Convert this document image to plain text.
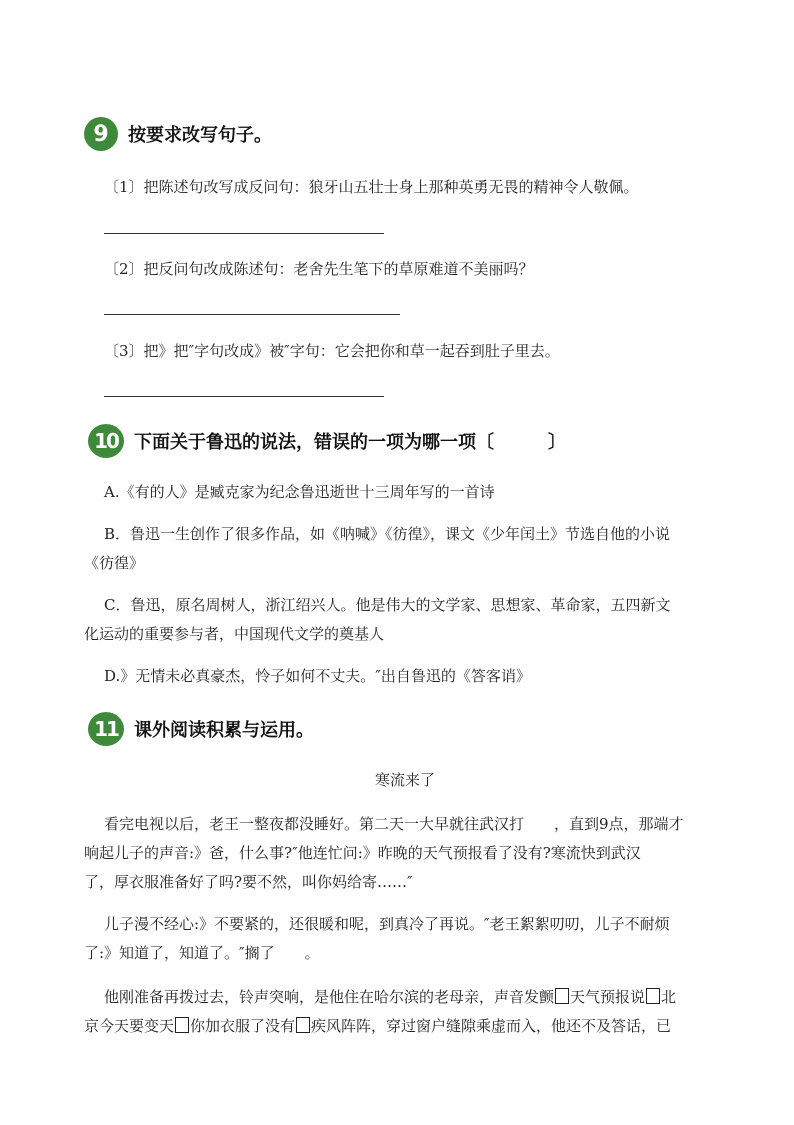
9	按要求改写句子。
〔1〕把陈述句改写成反问句：狼牙山五壮士身上那种英勇无畏的精神令人敬佩。
〔2〕把反问句改成陈述句：老舍先生笔下的草原难道不美丽吗？
〔3〕把》把″字句改成》被″字句：它会把你和草一起吞到肚子里去。
10 下面关于鲁迅的说法，错误的一项为哪一项〔　　　〕
A.《有的人》是臧克家为纪念鲁迅逝世十三周年写的一首诗
B．鲁迅一生创作了很多作品，如《呐喊》《彷徨》，课文《少年闰土》节选自他的小说
《彷徨》
C．鲁迅，原名周树人，浙江绍兴人。他是伟大的文学家、思想家、革命家，五四新文
化运动的重要参与者，中国现代文学的奠基人
D.》无情未必真豪杰，怜子如何不丈夫。″出自鲁迅的《答客诮》
11 课外阅读积累与运用。
寒流来了
看完电视以后，老王一整夜都没睡好。第二天一大早就往武汉打　　，直到9点，那端才
响起儿子的声音:》爸，什么事?″他连忙问:》昨晚的天气预报看了没有?寒流快到武汉
了，厚衣服准备好了吗?要不然，叫你妈给寄……″
儿子漫不经心:》不要紧的，还很暖和呢，到真冷了再说。″老王絮絮叨叨，儿子不耐烦
了:》知道了，知道了。″搁了　　。
他刚准备再拨过去，铃声突响，是他住在哈尔滨的老母亲，声音发颤 天气预报说 北
京今天要变天 你加衣服了没有 疾风阵阵，穿过窗户缝隙乘虚而入，他还不及答话，已
